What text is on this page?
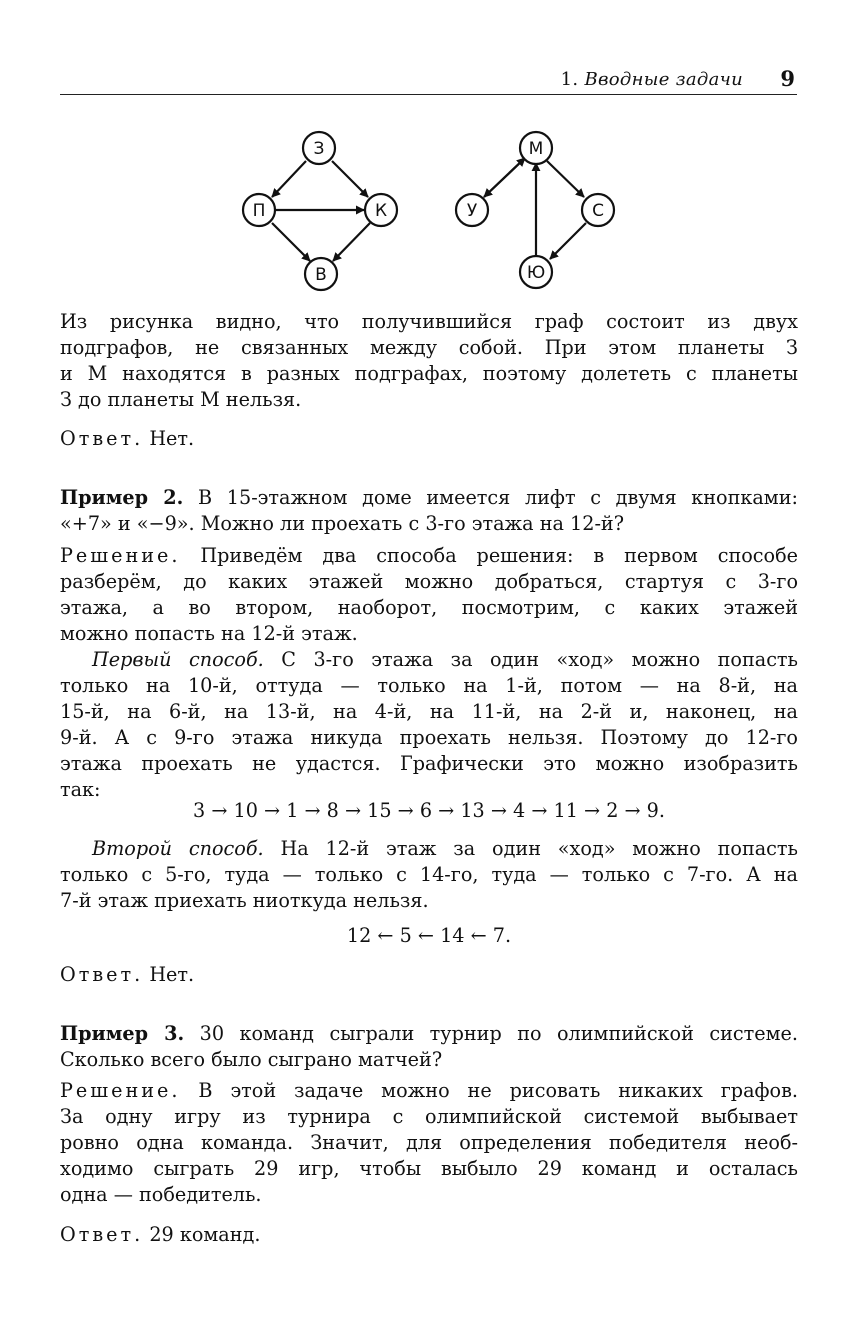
1. Вводные задачи 9
З
П	К
В
М
У	С
Ю

Из рисунка видно, что получившийся граф состоит из двух

подграфов, не связанных между собой. При этом планеты З

и М находятся в разных подграфах, поэтому долететь с планеты

З до планеты М нельзя.

Ответ. Нет.

Пример 2. В 15-этажном доме имеется лифт с двумя кнопками:

«+7» и «−9». Можно ли проехать с 3-го этажа на 12-й?

Решение. Приведём два способа решения: в первом способе

разберём, до каких этажей можно добраться, стартуя с 3-го

этажа, а во втором, наоборот, посмотрим, с каких этажей

можно попасть на 12-й этаж.

Первый способ. С 3-го этажа за один «ход» можно попасть

только на 10-й, оттуда — только на 1-й, потом — на 8-й, на

15-й, на 6-й, на 13-й, на 4-й, на 11-й, на 2-й и, наконец, на

9-й. А с 9-го этажа никуда проехать нельзя. Поэтому до 12-го

этажа проехать не удастся. Графически это можно изобразить

так:

3 → 10 → 1 → 8 → 15 → 6 → 13 → 4 → 11 → 2 → 9.

Второй способ. На 12-й этаж за один «ход» можно попасть

только с 5-го, туда — только с 14-го, туда — только с 7-го. А на

7-й этаж приехать ниоткуда нельзя.

12 ← 5 ← 14 ← 7.

Ответ. Нет.

Пример 3. 30 команд сыграли турнир по олимпийской системе.

Сколько всего было сыграно матчей?

Решение. В этой задаче можно не рисовать никаких графов.

За одну игру из турнира с олимпийской системой выбывает

ровно одна команда. Значит, для определения победителя необ-

ходимо сыграть 29 игр, чтобы выбыло 29 команд и осталась

одна — победитель.

Ответ. 29 команд.
